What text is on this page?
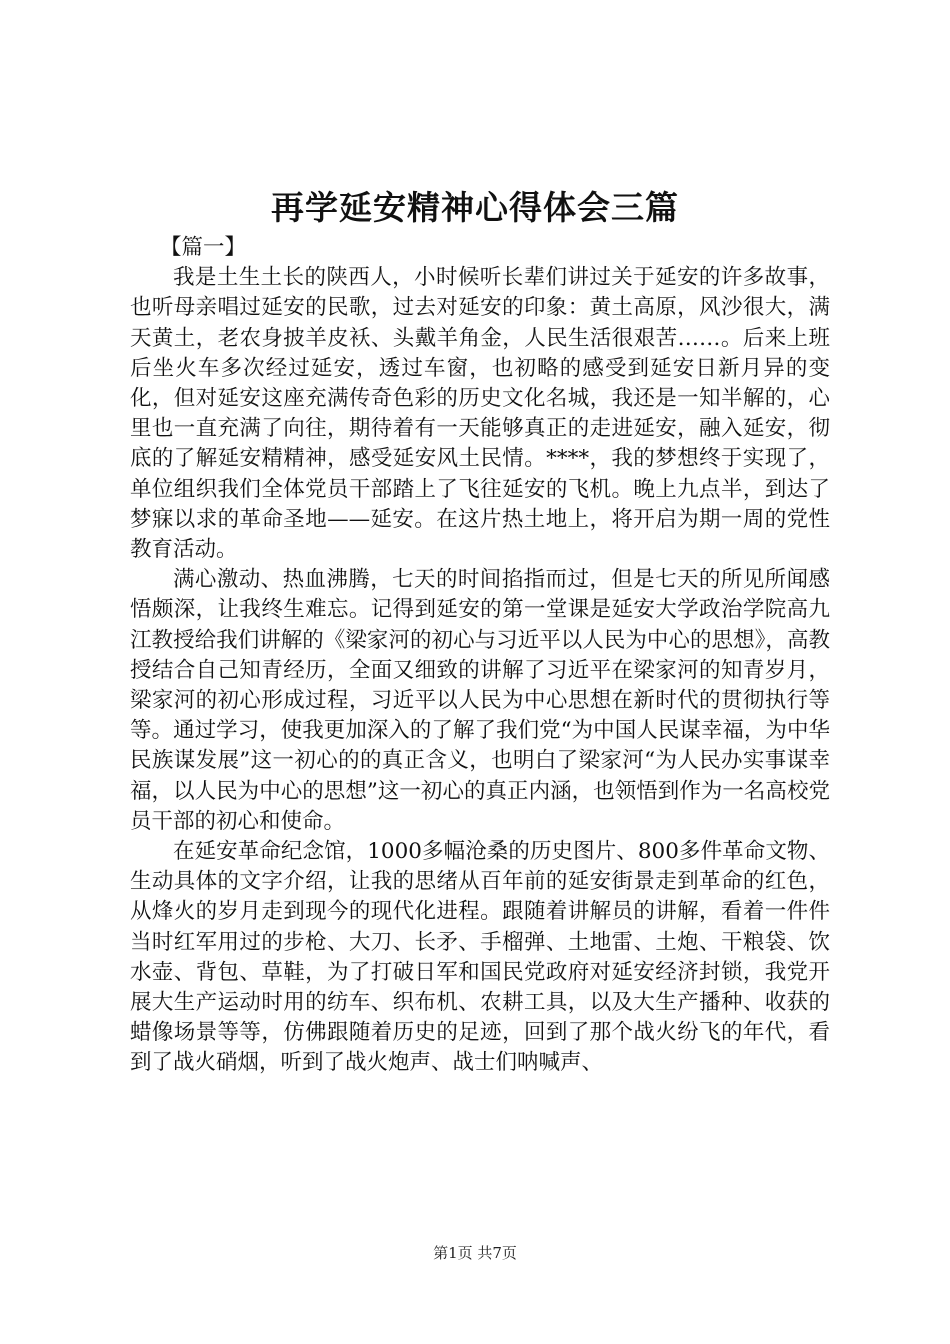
再学延安精神心得体会三篇

【篇一】

我是土生土长的陕西人，小时候听长辈们讲过关于延安的许多故事，也听母亲唱过延安的民歌，过去对延安的印象：黄土高原，风沙很大，满天黄土，老农身披羊皮袄、头戴羊角金，人民生活很艰苦……。后来上班后坐火车多次经过延安，透过车窗，也初略的感受到延安日新月异的变化，但对延安这座充满传奇色彩的历史文化名城，我还是一知半解的，心里也一直充满了向往，期待着有一天能够真正的走进延安，融入延安，彻底的了解延安精精神，感受延安风土民情。****，我的梦想终于实现了，单位组织我们全体党员干部踏上了飞往延安的飞机。晚上九点半，到达了梦寐以求的革命圣地——延安。在这片热土地上，将开启为期一周的党性教育活动。

满心激动、热血沸腾，七天的时间掐指而过，但是七天的所见所闻感悟颇深，让我终生难忘。记得到延安的第一堂课是延安大学政治学院高九江教授给我们讲解的《梁家河的初心与习近平以人民为中心的思想》，高教授结合自己知青经历，全面又细致的讲解了习近平在梁家河的知青岁月，梁家河的初心形成过程，习近平以人民为中心思想在新时代的贯彻执行等等。通过学习，使我更加深入的了解了我们党“为中国人民谋幸福，为中华民族谋发展”这一初心的的真正含义，也明白了梁家河“为人民办实事谋幸福，以人民为中心的思想”这一初心的真正内涵，也领悟到作为一名高校党员干部的初心和使命。

在延安革命纪念馆，1000多幅沧桑的历史图片、800多件革命文物、生动具体的文字介绍，让我的思绪从百年前的延安街景走到革命的红色，从烽火的岁月走到现今的现代化进程。跟随着讲解员的讲解，看着一件件当时红军用过的步枪、大刀、长矛、手榴弹、土地雷、土炮、干粮袋、饮水壶、背包、草鞋，为了打破日军和国民党政府对延安经济封锁，我党开展大生产运动时用的纺车、织布机、农耕工具，以及大生产播种、收获的蜡像场景等等，仿佛跟随着历史的足迹，回到了那个战火纷飞的年代，看到了战火硝烟，听到了战火炮声、战士们呐喊声、

第1页 共7页
